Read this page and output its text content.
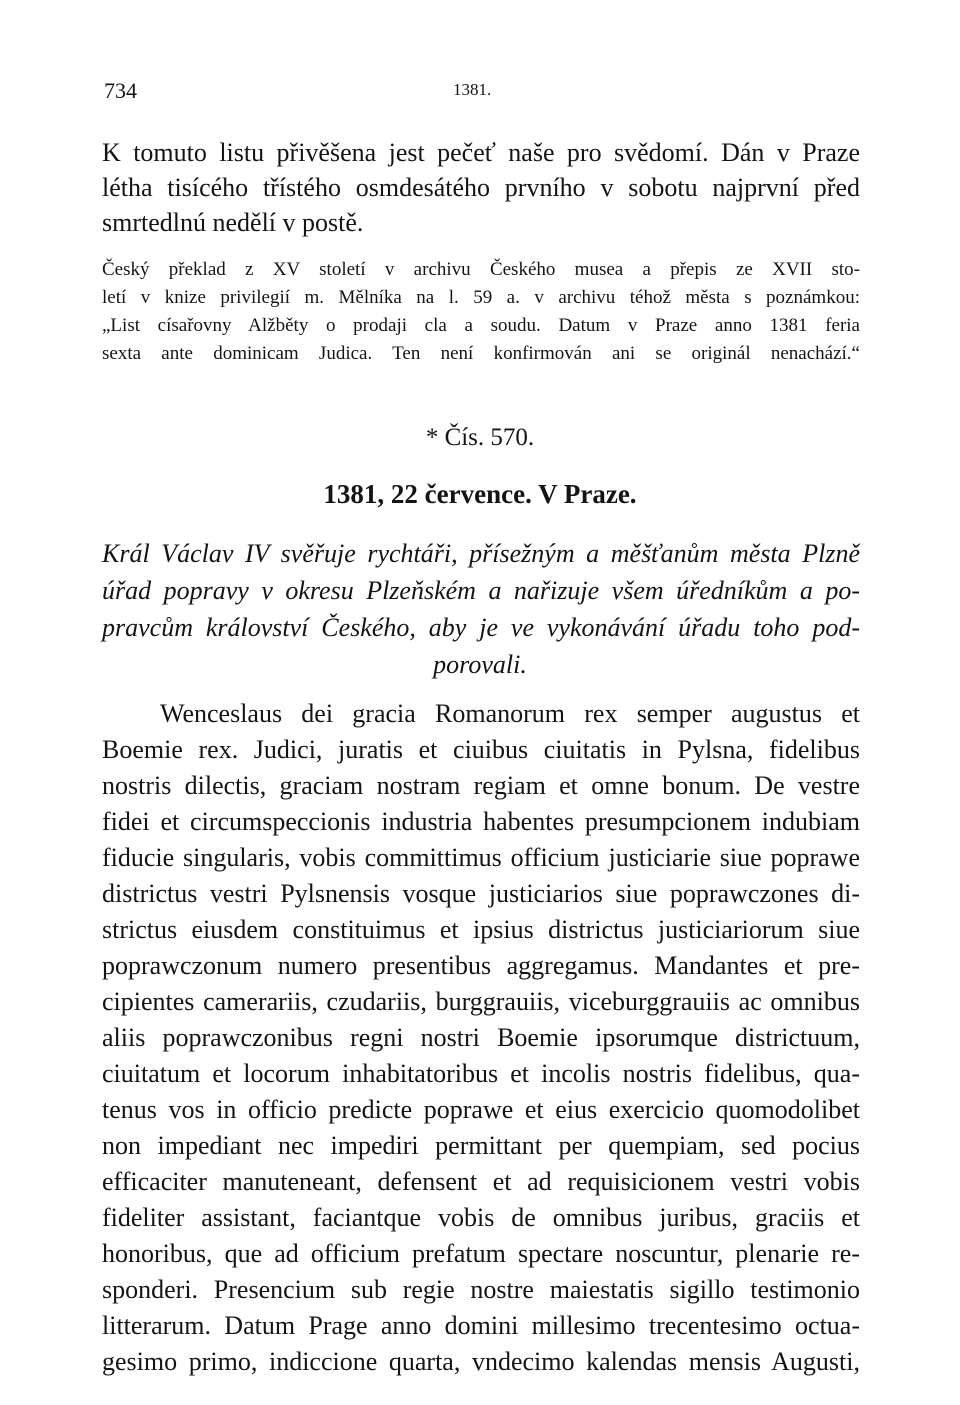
734	1381.
K tomuto listu přivěšena jest pečeť naše pro svědomí. Dán v Praze
létha tisícého třístého osmdesátého prvního v sobotu najprvní před
smrtedlnú nedělí v postě.
Český překlad z XV století v archivu Českého musea a přepis ze XVII sto-
letí v knize privilegií m. Mělníka na l. 59 a. v archivu téhož města s poznámkou:
„List císařovny Alžběty o prodaji cla a soudu. Datum v Praze anno 1381 feria
sexta ante dominicam Judica. Ten není konfirmován ani se originál nenachází.“
* Čís. 570.
1381, 22 července. V Praze.
Král Václav IV svěřuje rychtáři, přísežným a měšťanům města Plzně
úřad popravy v okresu Plzeňském a nařizuje všem úředníkům a po-
pravcům království Českého, aby je ve vykonávání úřadu toho pod-
porovali.
Wenceslaus dei gracia Romanorum rex semper augustus et
Boemie rex. Judici, juratis et ciuibus ciuitatis in Pylsna, fidelibus
nostris dilectis, graciam nostram regiam et omne bonum. De vestre
fidei et circumspeccionis industria habentes presumpcionem indubiam
fiducie singularis, vobis committimus officium justiciarie siue poprawe
districtus vestri Pylsnensis vosque justiciarios siue poprawczones di-
strictus eiusdem constituimus et ipsius districtus justiciariorum siue
poprawczonum numero presentibus aggregamus. Mandantes et pre-
cipientes camerariis, czudariis, burggrauiis, viceburggrauiis ac omnibus
aliis poprawczonibus regni nostri Boemie ipsorumque districtuum,
ciuitatum et locorum inhabitatoribus et incolis nostris fidelibus, qua-
tenus vos in officio predicte poprawe et eius exercicio quomodolibet
non impediant nec impediri permittant per quempiam, sed pocius
efficaciter manuteneant, defensent et ad requisicionem vestri vobis
fideliter assistant, faciantque vobis de omnibus juribus, graciis et
honoribus, que ad officium prefatum spectare noscuntur, plenarie re-
sponderi. Presencium sub regie nostre maiestatis sigillo testimonio
litterarum. Datum Prage anno domini millesimo trecentesimo octua-
gesimo primo, indiccione quarta, vndecimo kalendas mensis Augusti,
